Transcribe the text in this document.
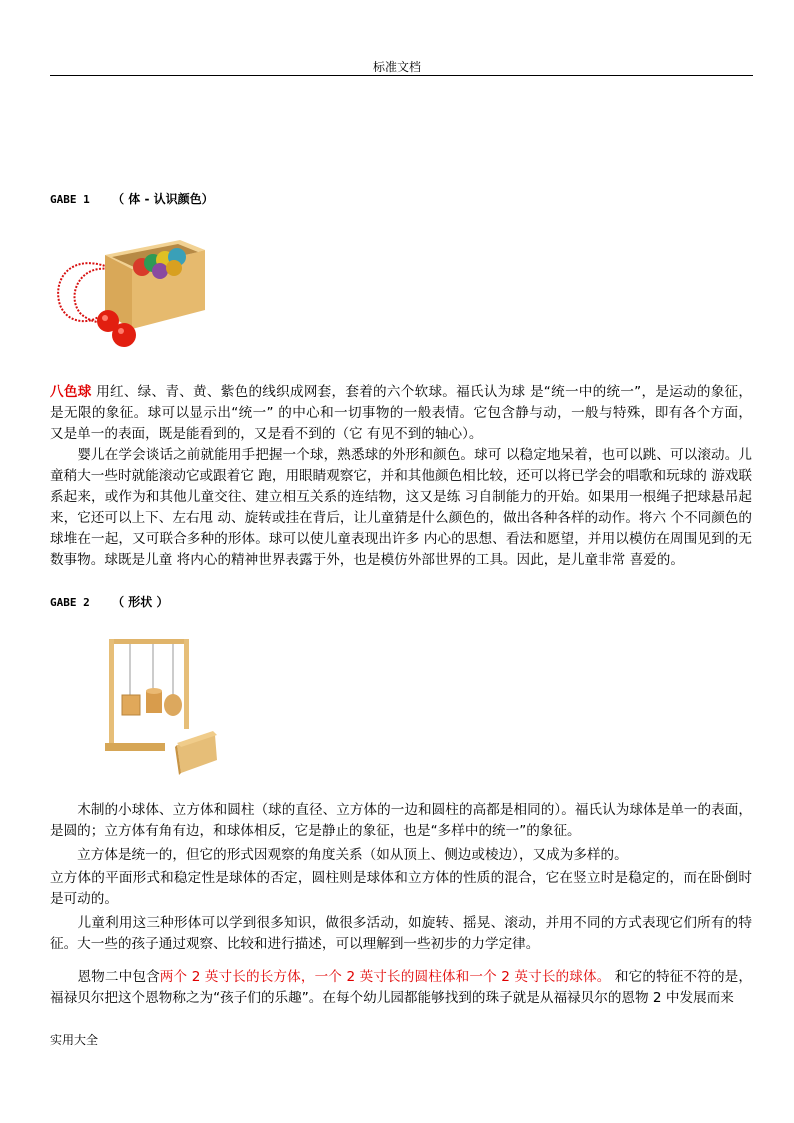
标准文档
GABE 1 （ 体 - 认识颜色）

八色球 用红、绿、青、黄、紫色的线织成网套，套着的六个软球。福氏认为球 是“统一中的统一”，是运动的象征，是无限的象征。球可以显示出“统一” 的中心和一切事物的一般表情。它包含静与动，一般与特殊，即有各个方面， 又是单一的表面，既是能看到的，又是看不到的（它 有见不到的轴心）。

　　婴儿在学会谈话之前就能用手把握一个球，熟悉球的外形和颜色。球可 以稳定地呆着，也可以跳、可以滚动。儿童稍大一些时就能滚动它或跟着它 跑，用眼睛观察它，并和其他颜色相比较，还可以将已学会的唱歌和玩球的 游戏联系起来，或作为和其他儿童交往、建立相互关系的连结物，这又是练 习自制能力的开始。如果用一根绳子把球悬吊起来，它还可以上下、左右甩 动、旋转或挂在背后，让儿童猜是什么颜色的，做出各种各样的动作。将六 个不同颜色的球堆在一起，又可联合多种的形体。球可以使儿童表现出许多 内心的思想、看法和愿望，并用以模仿在周围见到的无数事物。球既是儿童 将内心的精神世界表露于外，也是模仿外部世界的工具。因此，是儿童非常 喜爱的。

GABE 2 （ 形状 ）

　　木制的小球体、立方体和圆柱（球的直径、立方体的一边和圆柱的高都是相同的）。福氏认为球体是单一的表面，是圆的；立方体有角有边，和球体相反，它是静止的象征，也是“多样中的统一”的象征。

　　立方体是统一的，但它的形式因观察的角度关系（如从顶上、侧边或棱边），又成为多样的。

立方体的平面形式和稳定性是球体的否定，圆柱则是球体和立方体的性质的混合，它在竖立时是稳定的，而在卧倒时是可动的。

　　儿童利用这三种形体可以学到很多知识，做很多活动，如旋转、摇晃、滚动，并用不同的方式表现它们所有的特征。大一些的孩子通过观察、比较和进行描述，可以理解到一些初步的力学定律。

　　恩物二中包含两个 2 英寸长的长方体，一个 2 英寸长的圆柱体和一个 2 英寸长的球体。 和它的特征不符的是，福禄贝尔把这个恩物称之为“孩子们的乐趣”。在每个幼儿园都能够找到的珠子就是从福禄贝尔的恩物 2 中发展而来

实用大全
